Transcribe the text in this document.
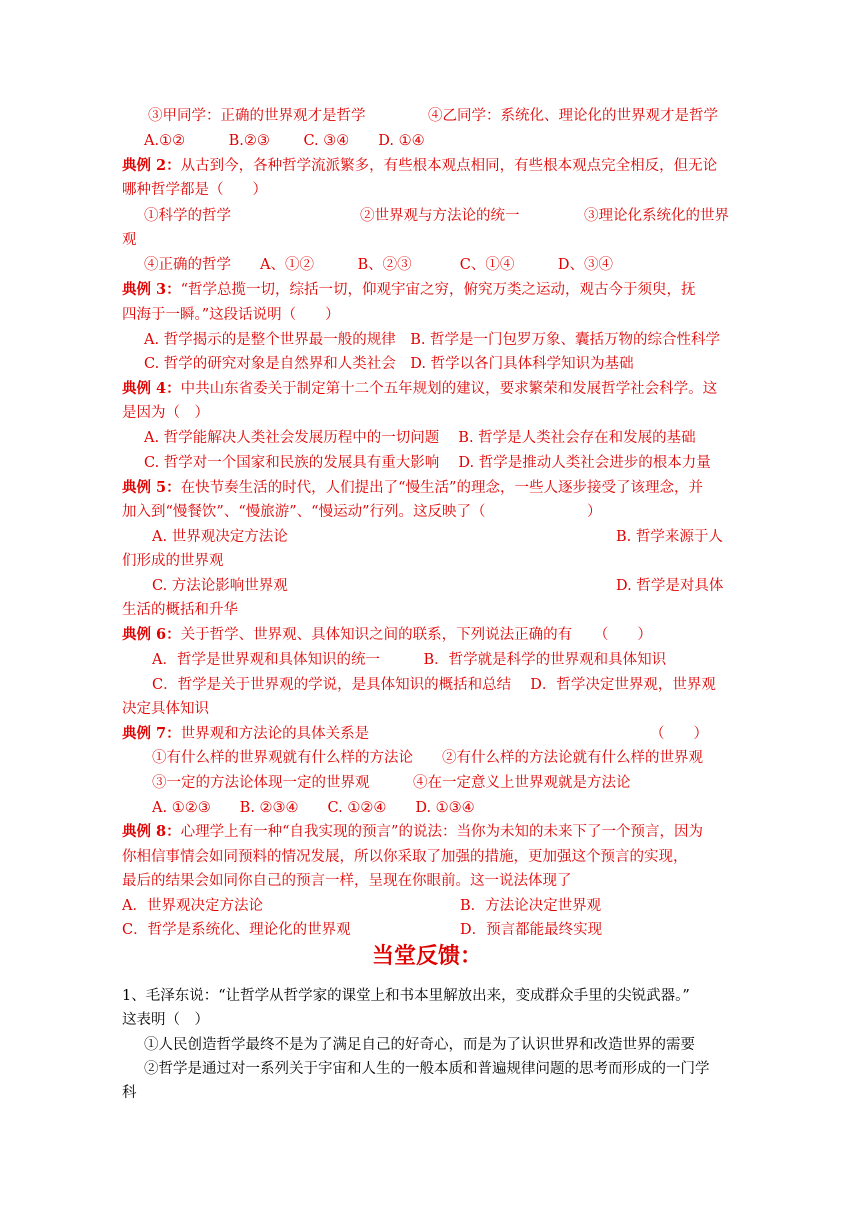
③甲同学：正确的世界观才是哲学	④乙同学：系统化、理论化的世界观才是哲学
A.①②　　　B.②③　　 C. ③④　　D. ①④
典例 2：从古到今，各种哲学流派繁多，有些根本观点相同，有些根本观点完全相反，但无论
哪种哲学都是（　　）
①科学的哲学	②世界观与方法论的统一	③理论化系统化的世界
观
④正确的哲学　　A、①②　　　B、②③　　　 C、①④　　　D、③④
典例 3：“哲学总揽一切，综括一切，仰观宇宙之穷，俯究万类之运动，观古今于须臾，抚
四海于一瞬。”这段话说明（　　）
A. 哲学揭示的是整个世界最一般的规律　B. 哲学是一门包罗万象、囊括万物的综合性科学
C. 哲学的研究对象是自然界和人类社会　D. 哲学以各门具体科学知识为基础
典例 4：中共山东省委关于制定第十二个五年规划的建议，要求繁荣和发展哲学社会科学。这
是因为（　）
A. 哲学能解决人类社会发展历程中的一切问题　 B. 哲学是人类社会存在和发展的基础
C. 哲学对一个国家和民族的发展具有重大影响　 D. 哲学是推动人类社会进步的根本力量
典例 5：在快节奏生活的时代，人们提出了“慢生活”的理念，一些人逐步接受了该理念，并
加入到“慢餐饮”、“慢旅游”、“慢运动”行列。这反映了（　　　　　　　）
A. 世界观决定方法论	B. 哲学来源于人
们形成的世界观
C. 方法论影响世界观	D. 哲学是对具体
生活的概括和升华
典例 6：关于哲学、世界观、具体知识之间的联系，下列说法正确的有　　（　　）
A．哲学是世界观和具体知识的统一　　　B．哲学就是科学的世界观和具体知识
C．哲学是关于世界观的学说，是具体知识的概括和总结　 D．哲学决定世界观，世界观
决定具体知识
典例 7：世界观和方法论的具体关系是	（　　）
①有什么样的世界观就有什么样的方法论　　②有什么样的方法论就有什么样的世界观
③一定的方法论体现一定的世界观　　　④在一定意义上世界观就是方法论
A. ①②③　　B. ②③④　　C. ①②④　　D. ①③④
典例 8：心理学上有一种“自我实现的预言”的说法：当你为未知的未来下了一个预言，因为
你相信事情会如同预料的情况发展，所以你采取了加强的措施，更加强这个预言的实现，
最后的结果会如同你自己的预言一样，呈现在你眼前。这一说法体现了
A．世界观决定方法论	B．方法论决定世界观
C．哲学是系统化、理论化的世界观	D．预言都能最终实现
当堂反馈：
1、毛泽东说：“让哲学从哲学家的课堂上和书本里解放出来，变成群众手里的尖锐武器。”
这表明（　）
①人民创造哲学最终不是为了满足自己的好奇心，而是为了认识世界和改造世界的需要
②哲学是通过对一系列关于宇宙和人生的一般本质和普遍规律问题的思考而形成的一门学
科
